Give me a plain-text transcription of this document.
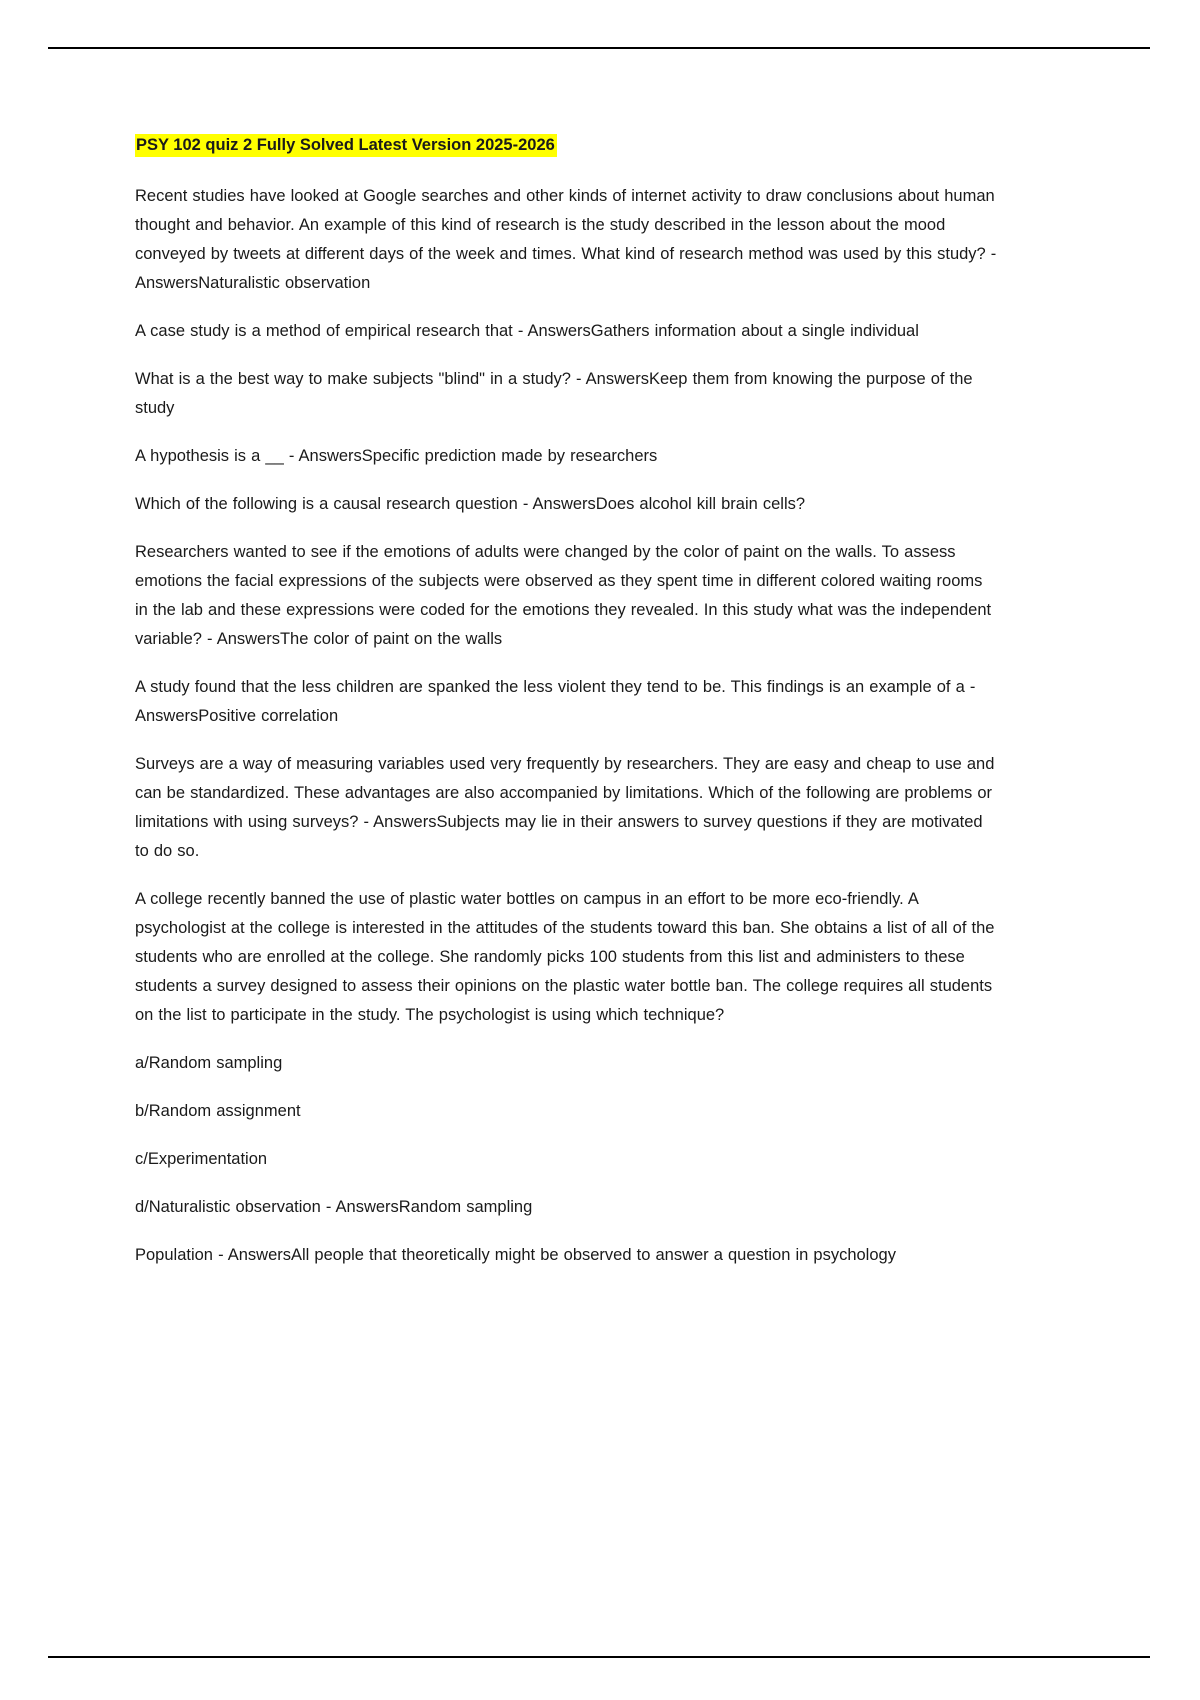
PSY 102 quiz 2 Fully Solved Latest Version 2025-2026

Recent studies have looked at Google searches and other kinds of internet activity to draw conclusions about human thought and behavior. An example of this kind of research is the study described in the lesson about the mood conveyed by tweets at different days of the week and times. What kind of research method was used by this study? - AnswersNaturalistic observation

A case study is a method of empirical research that - AnswersGathers information about a single individual

What is a the best way to make subjects "blind" in a study? - AnswersKeep them from knowing the purpose of the study

A hypothesis is a __ - AnswersSpecific prediction made by researchers

Which of the following is a causal research question - AnswersDoes alcohol kill brain cells?

Researchers wanted to see if the emotions of adults were changed by the color of paint on the walls. To assess emotions the facial expressions of the subjects were observed as they spent time in different colored waiting rooms in the lab and these expressions were coded for the emotions they revealed. In this study what was the independent variable? - AnswersThe color of paint on the walls

A study found that the less children are spanked the less violent they tend to be. This findings is an example of a - AnswersPositive correlation

Surveys are a way of measuring variables used very frequently by researchers. They are easy and cheap to use and can be standardized. These advantages are also accompanied by limitations. Which of the following are problems or limitations with using surveys? - AnswersSubjects may lie in their answers to survey questions if they are motivated to do so.

A college recently banned the use of plastic water bottles on campus in an effort to be more eco-friendly. A psychologist at the college is interested in the attitudes of the students toward this ban. She obtains a list of all of the students who are enrolled at the college. She randomly picks 100 students from this list and administers to these students a survey designed to assess their opinions on the plastic water bottle ban. The college requires all students on the list to participate in the study. The psychologist is using which technique?

a/Random sampling

b/Random assignment

c/Experimentation

d/Naturalistic observation - AnswersRandom sampling

Population - AnswersAll people that theoretically might be observed to answer a question in psychology
